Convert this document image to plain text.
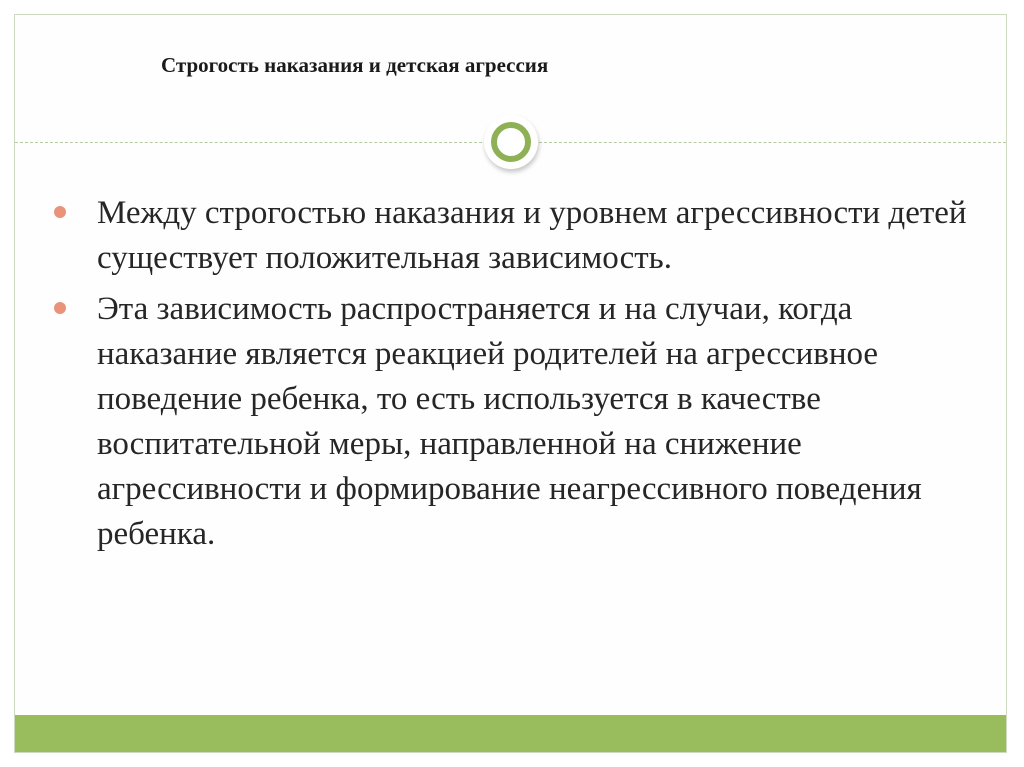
Строгость наказания и детская агрессия
Между строгостью наказания и уровнем агрессивности детей существует положительная зависимость.
Эта зависимость распространяется и на случаи, когда наказание является реакцией родителей на агрессивное поведение ребенка, то есть используется в качестве воспитательной меры, направленной на снижение агрессивности и формирование неагрессивного поведения ребенка.
